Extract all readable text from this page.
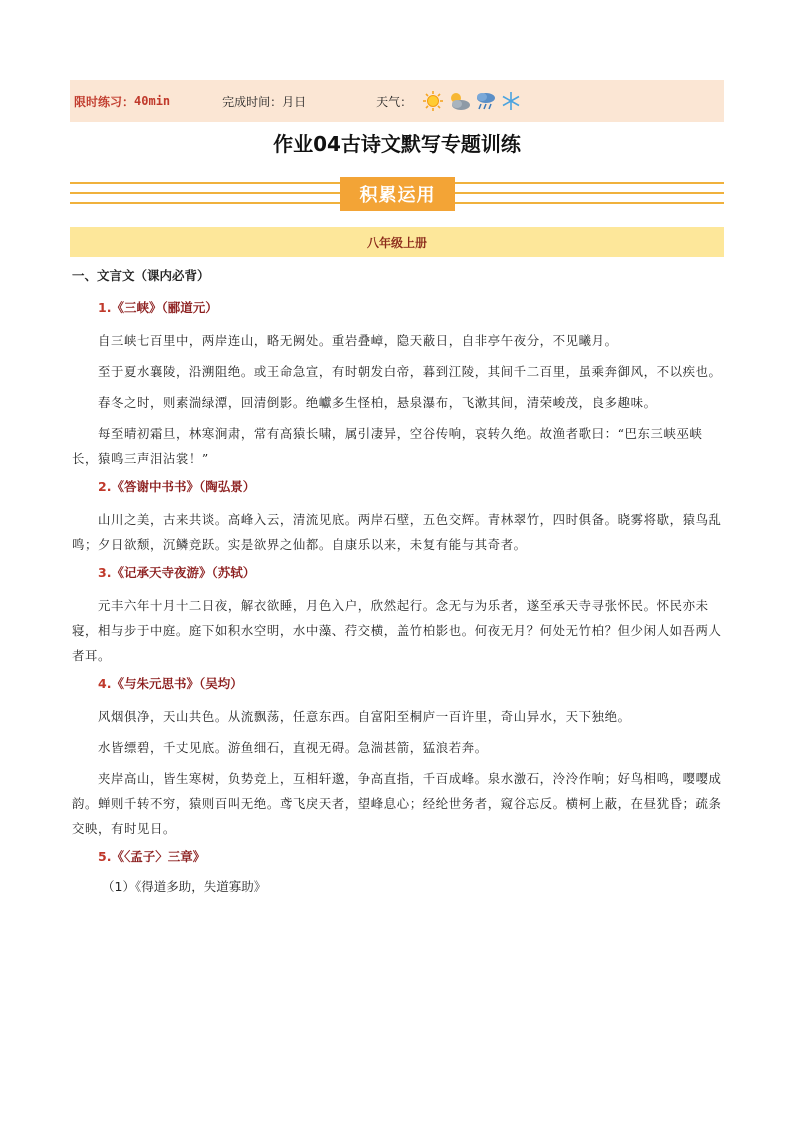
限时练习： 40min	完成时间：月日	天气：
作业04古诗文默写专题训练
积累运用
八年级上册
一、文言文（课内必背）
1.《三峡》（郦道元）
自三峡七百里中，两岸连山，略无阙处。重岩叠嶂，隐天蔽日，自非亭午夜分，不见曦月。
至于夏水襄陵，沿溯阻绝。或王命急宣，有时朝发白帝，暮到江陵，其间千二百里，虽乘奔御风，不以疾也。
春冬之时，则素湍绿潭，回清倒影。绝巘多生怪柏，悬泉瀑布，飞漱其间，清荣峻茂，良多趣味。
每至晴初霜旦，林寒涧肃，常有高猿长啸，属引凄异，空谷传响，哀转久绝。故渔者歌曰：“巴东三峡巫峡长，猿鸣三声泪沾裳！”
2.《答谢中书书》（陶弘景）
山川之美，古来共谈。高峰入云，清流见底。两岸石壁，五色交辉。青林翠竹，四时俱备。晓雾将歇，猿鸟乱鸣；夕日欲颓，沉鳞竞跃。实是欲界之仙都。自康乐以来，未复有能与其奇者。
3.《记承天寺夜游》（苏轼）
元丰六年十月十二日夜，解衣欲睡，月色入户，欣然起行。念无与为乐者，遂至承天寺寻张怀民。怀民亦未寝，相与步于中庭。庭下如积水空明，水中藻、荇交横，盖竹柏影也。何夜无月？何处无竹柏？但少闲人如吾两人者耳。
4.《与朱元思书》（吴均）
风烟俱净，天山共色。从流飘荡，任意东西。自富阳至桐庐一百许里，奇山异水，天下独绝。
水皆缥碧，千丈见底。游鱼细石，直视无碍。急湍甚箭，猛浪若奔。
夹岸高山，皆生寒树，负势竞上，互相轩邈，争高直指，千百成峰。泉水激石，泠泠作响；好鸟相鸣，嘤嘤成韵。蝉则千转不穷，猿则百叫无绝。鸢飞戾天者，望峰息心；经纶世务者，窥谷忘反。横柯上蔽，在昼犹昏；疏条交映，有时见日。
5.《〈孟子〉三章》
（1）《得道多助，失道寡助》
